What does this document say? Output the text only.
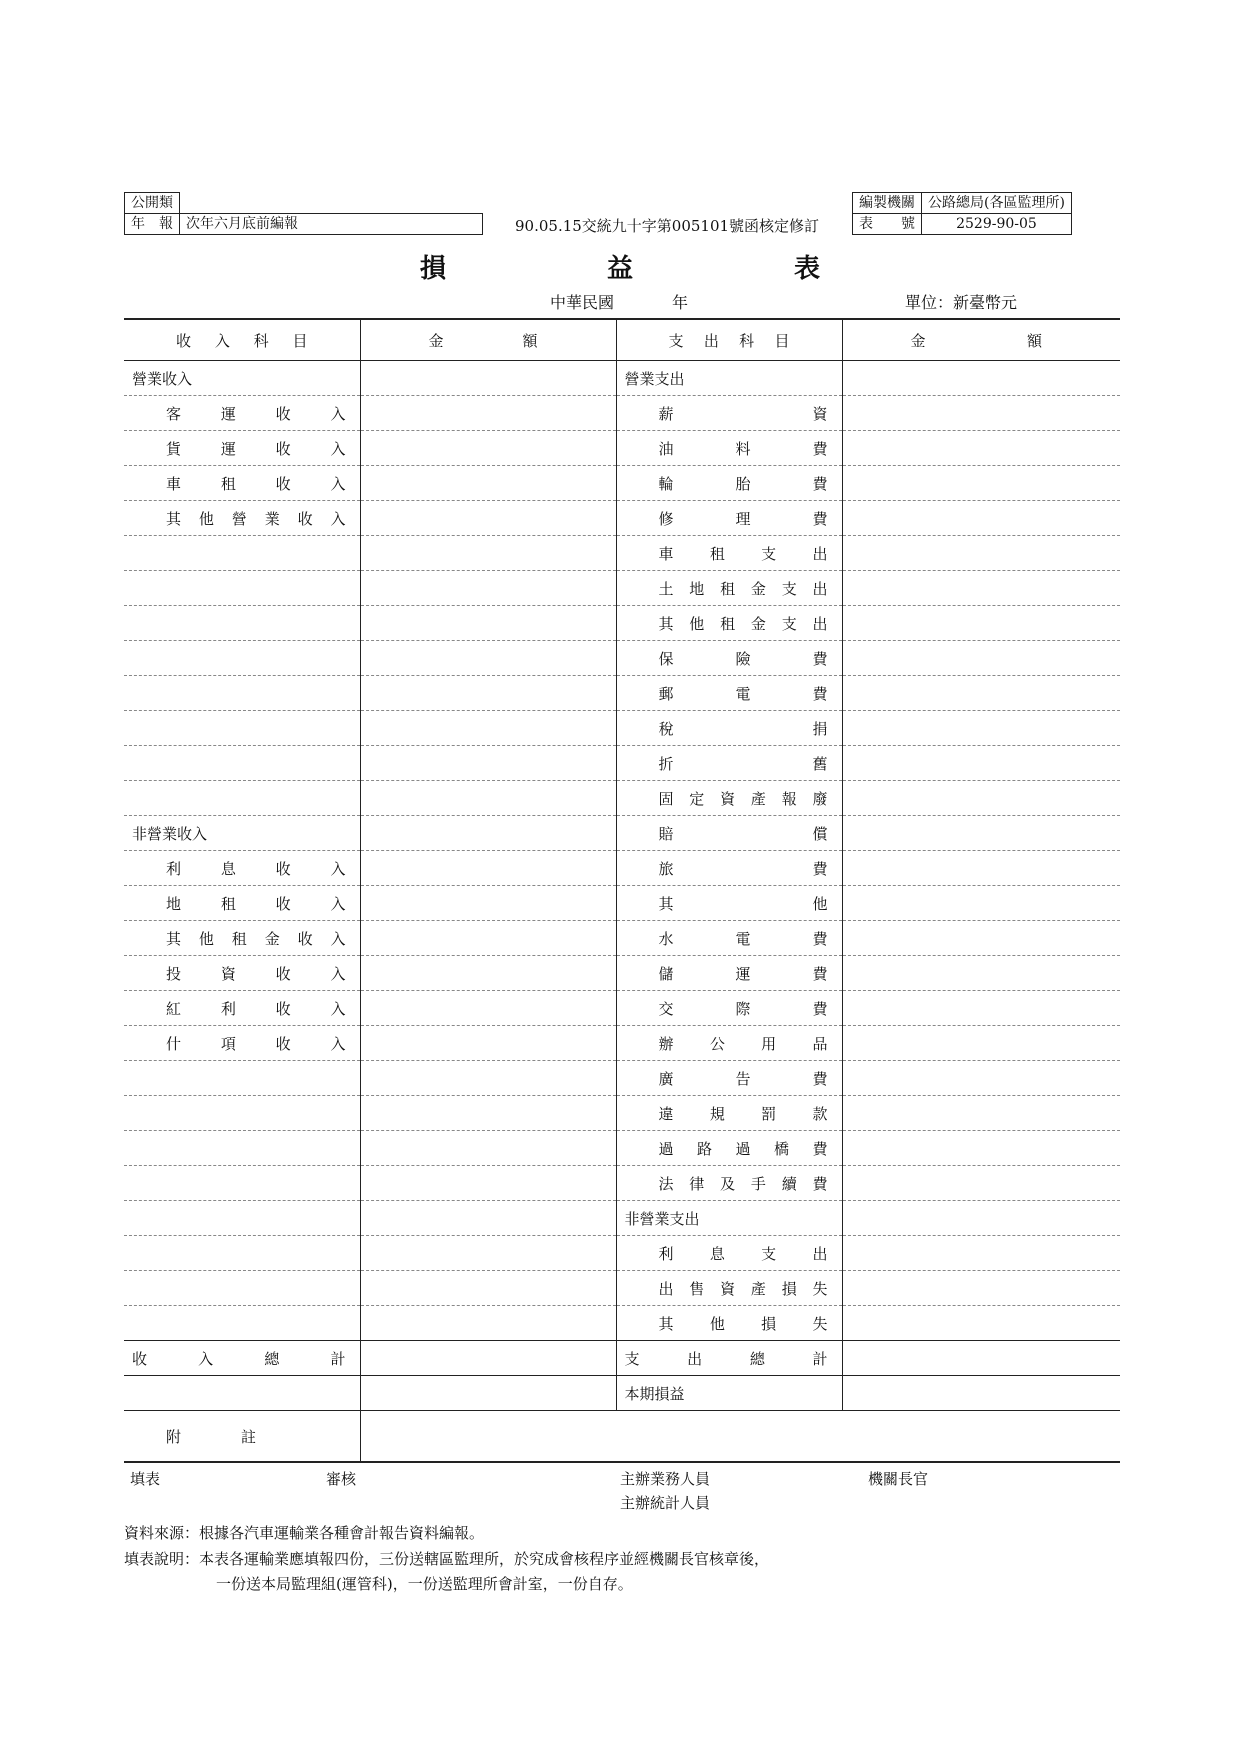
公開類	
年　報	次年六月底前編報	90.05.15交統九十字第005101號函核定修訂
編製機關	公路總局(各區監理所)
表　　號	2529-90-05
損	益	表
中華民國	年	單位：新臺幣元
收入科目	金額	支出科目	金額
營業收入		營業支出	
客運收入		薪資	
貨運收入		油料費	
車租收入		輪胎費	
其他營業收入		修理費	
		車租支出	
		土地租金支出	
		其他租金支出	
		保險費	
		郵電費	
		稅捐	
		折舊	
		固定資產報廢	
非營業收入		賠償	
利息收入		旅費	
地租收入		其他	
其他租金收入		水電費	
投資收入		儲運費	
紅利收入		交際費	
什項收入		辦公用品	
		廣告費	
		違規罰款	
		過路過橋費	
		法律及手續費	
		非營業支出	
		利息支出	
		出售資產損失	
		其他損失	
收入總計		支出總計	
		本期損益	
附　　　　註			
填表	審核	主辦業務人員
主辦統計人員
機關長官
資料來源：根據各汽車運輸業各種會計報告資料編報。
填表說明：本表各運輸業應填報四份，三份送轄區監理所，於究成會核程序並經機關長官核章後，
一份送本局監理組(運管科)，一份送監理所會計室，一份自存。
